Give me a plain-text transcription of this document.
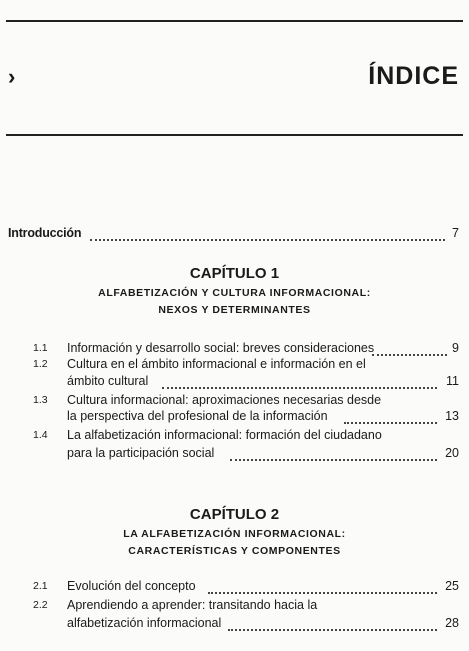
›	ÍNDICE
Introducción	7
CAPÍTULO 1
ALFABETIZACIÓN Y CULTURA INFORMACIONAL:
NEXOS Y DETERMINANTES
1.1	Información y desarrollo social: breves consideraciones	9
1.2	Cultura en el ámbito informacional e información en el
ámbito cultural	11
1.3	Cultura informacional: aproximaciones necesarias desde
la perspectiva del profesional de la información	13
1.4	La alfabetización informacional: formación del ciudadano
para la participación social	20
CAPÍTULO 2
LA ALFABETIZACIÓN INFORMACIONAL:
CARACTERÍSTICAS Y COMPONENTES
2.1	Evolución del concepto	25
2.2	Aprendiendo a aprender: transitando hacia la
alfabetización informacional	28
